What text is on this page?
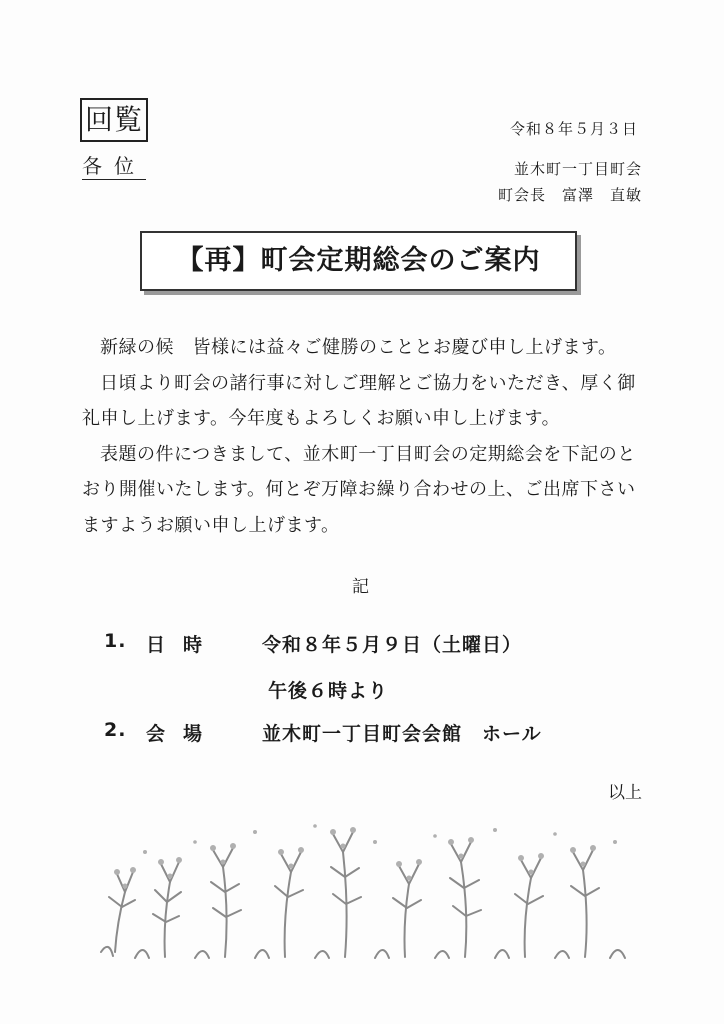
回覧
各位
令和８年５月３日
並木町一丁目町会
町会長　富澤　直敏
【再】町会定期総会のご案内

新緑の候　皆様には益々ご健勝のこととお慶び申し上げます。

日頃より町会の諸行事に対しご理解とご協力をいただき、厚く御礼申し上げます。今年度もよろしくお願い申し上げます。

表題の件につきまして、並木町一丁目町会の定期総会を下記のとおり開催いたします。何とぞ万障お繰り合わせの上、ご出席下さいますようお願い申し上げます。

記
1. 日時 令和８年５月９日（土曜日）
午後６時より
2. 会場 並木町一丁目町会会館　ホール
以上
